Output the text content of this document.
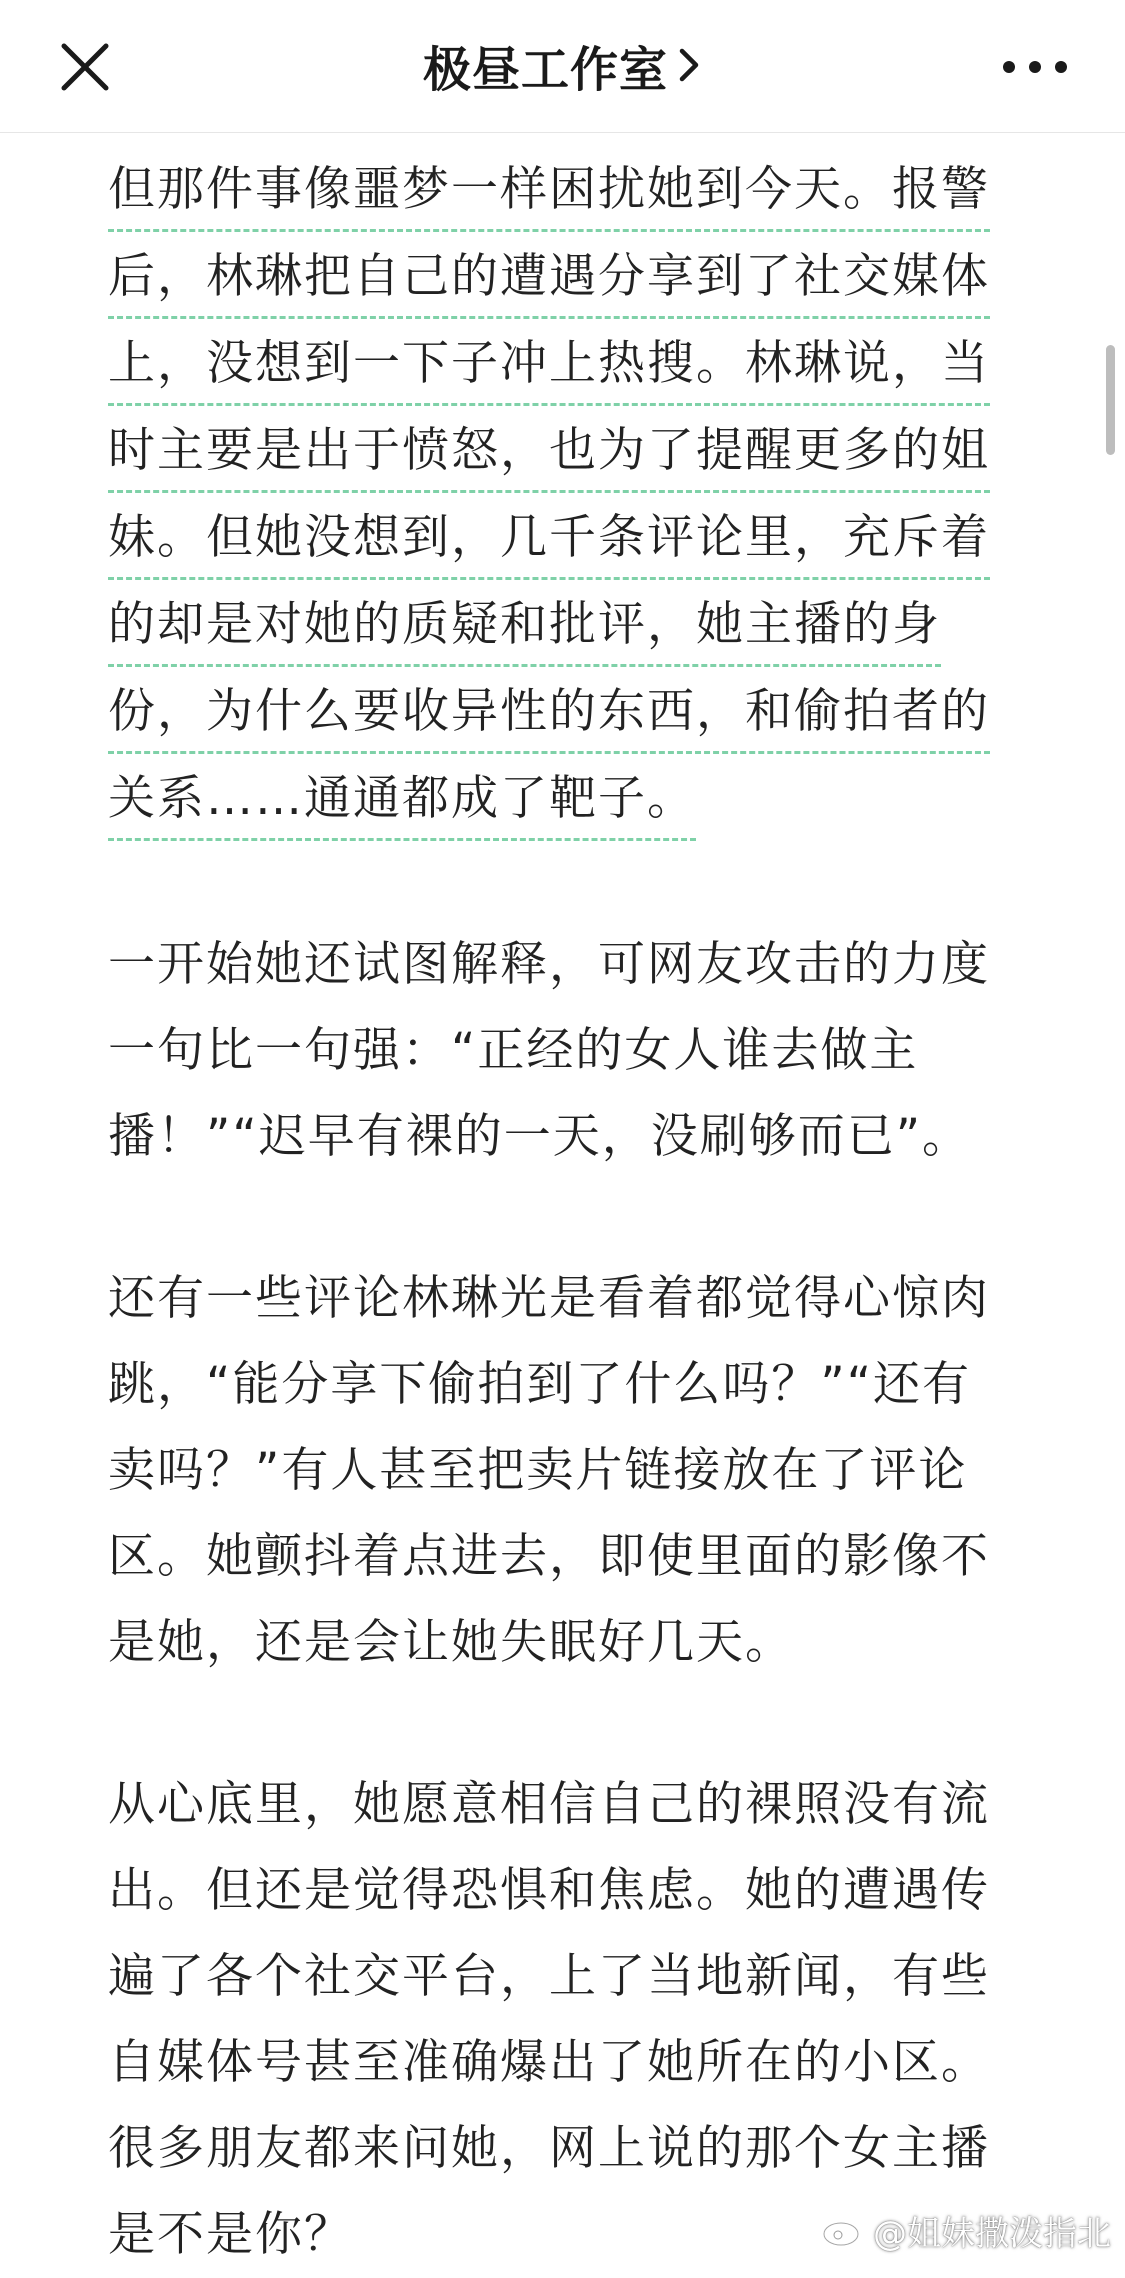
极昼工作室
但那件事像噩梦一样困扰她到今天。报警
后，林琳把自己的遭遇分享到了社交媒体
上，没想到一下子冲上热搜。林琳说，当
时主要是出于愤怒，也为了提醒更多的姐
妹。但她没想到，几千条评论里，充斥着
的却是对她的质疑和批评，她主播的身
份，为什么要收异性的东西，和偷拍者的
关系……通通都成了靶子。

一开始她还试图解释，可网友攻击的力度
一句比一句强：“正经的女人谁去做主
播！”“迟早有裸的一天，没刷够而已”。

还有一些评论林琳光是看着都觉得心惊肉
跳，“能分享下偷拍到了什么吗？”“还有
卖吗？”有人甚至把卖片链接放在了评论
区。她颤抖着点进去，即使里面的影像不
是她，还是会让她失眠好几天。

从心底里，她愿意相信自己的裸照没有流
出。但还是觉得恐惧和焦虑。她的遭遇传
遍了各个社交平台，上了当地新闻，有些
自媒体号甚至准确爆出了她所在的小区。
很多朋友都来问她，网上说的那个女主播
是不是你？	@姐妹撒泼指北
